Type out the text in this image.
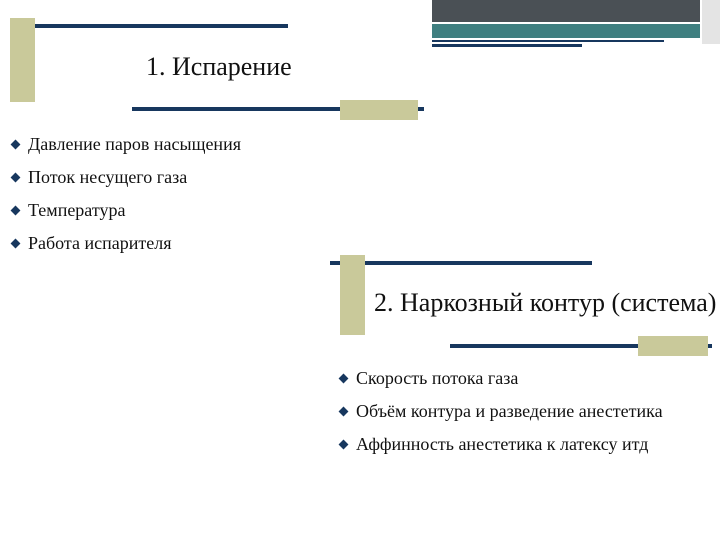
1. Испарение
Давление паров насыщения
Поток несущего газа
Температура
Работа испарителя
2. Наркозный контур (система)
Скорость потока газа
Объём контура и разведение анестетика
Аффинность анестетика к латексу итд
